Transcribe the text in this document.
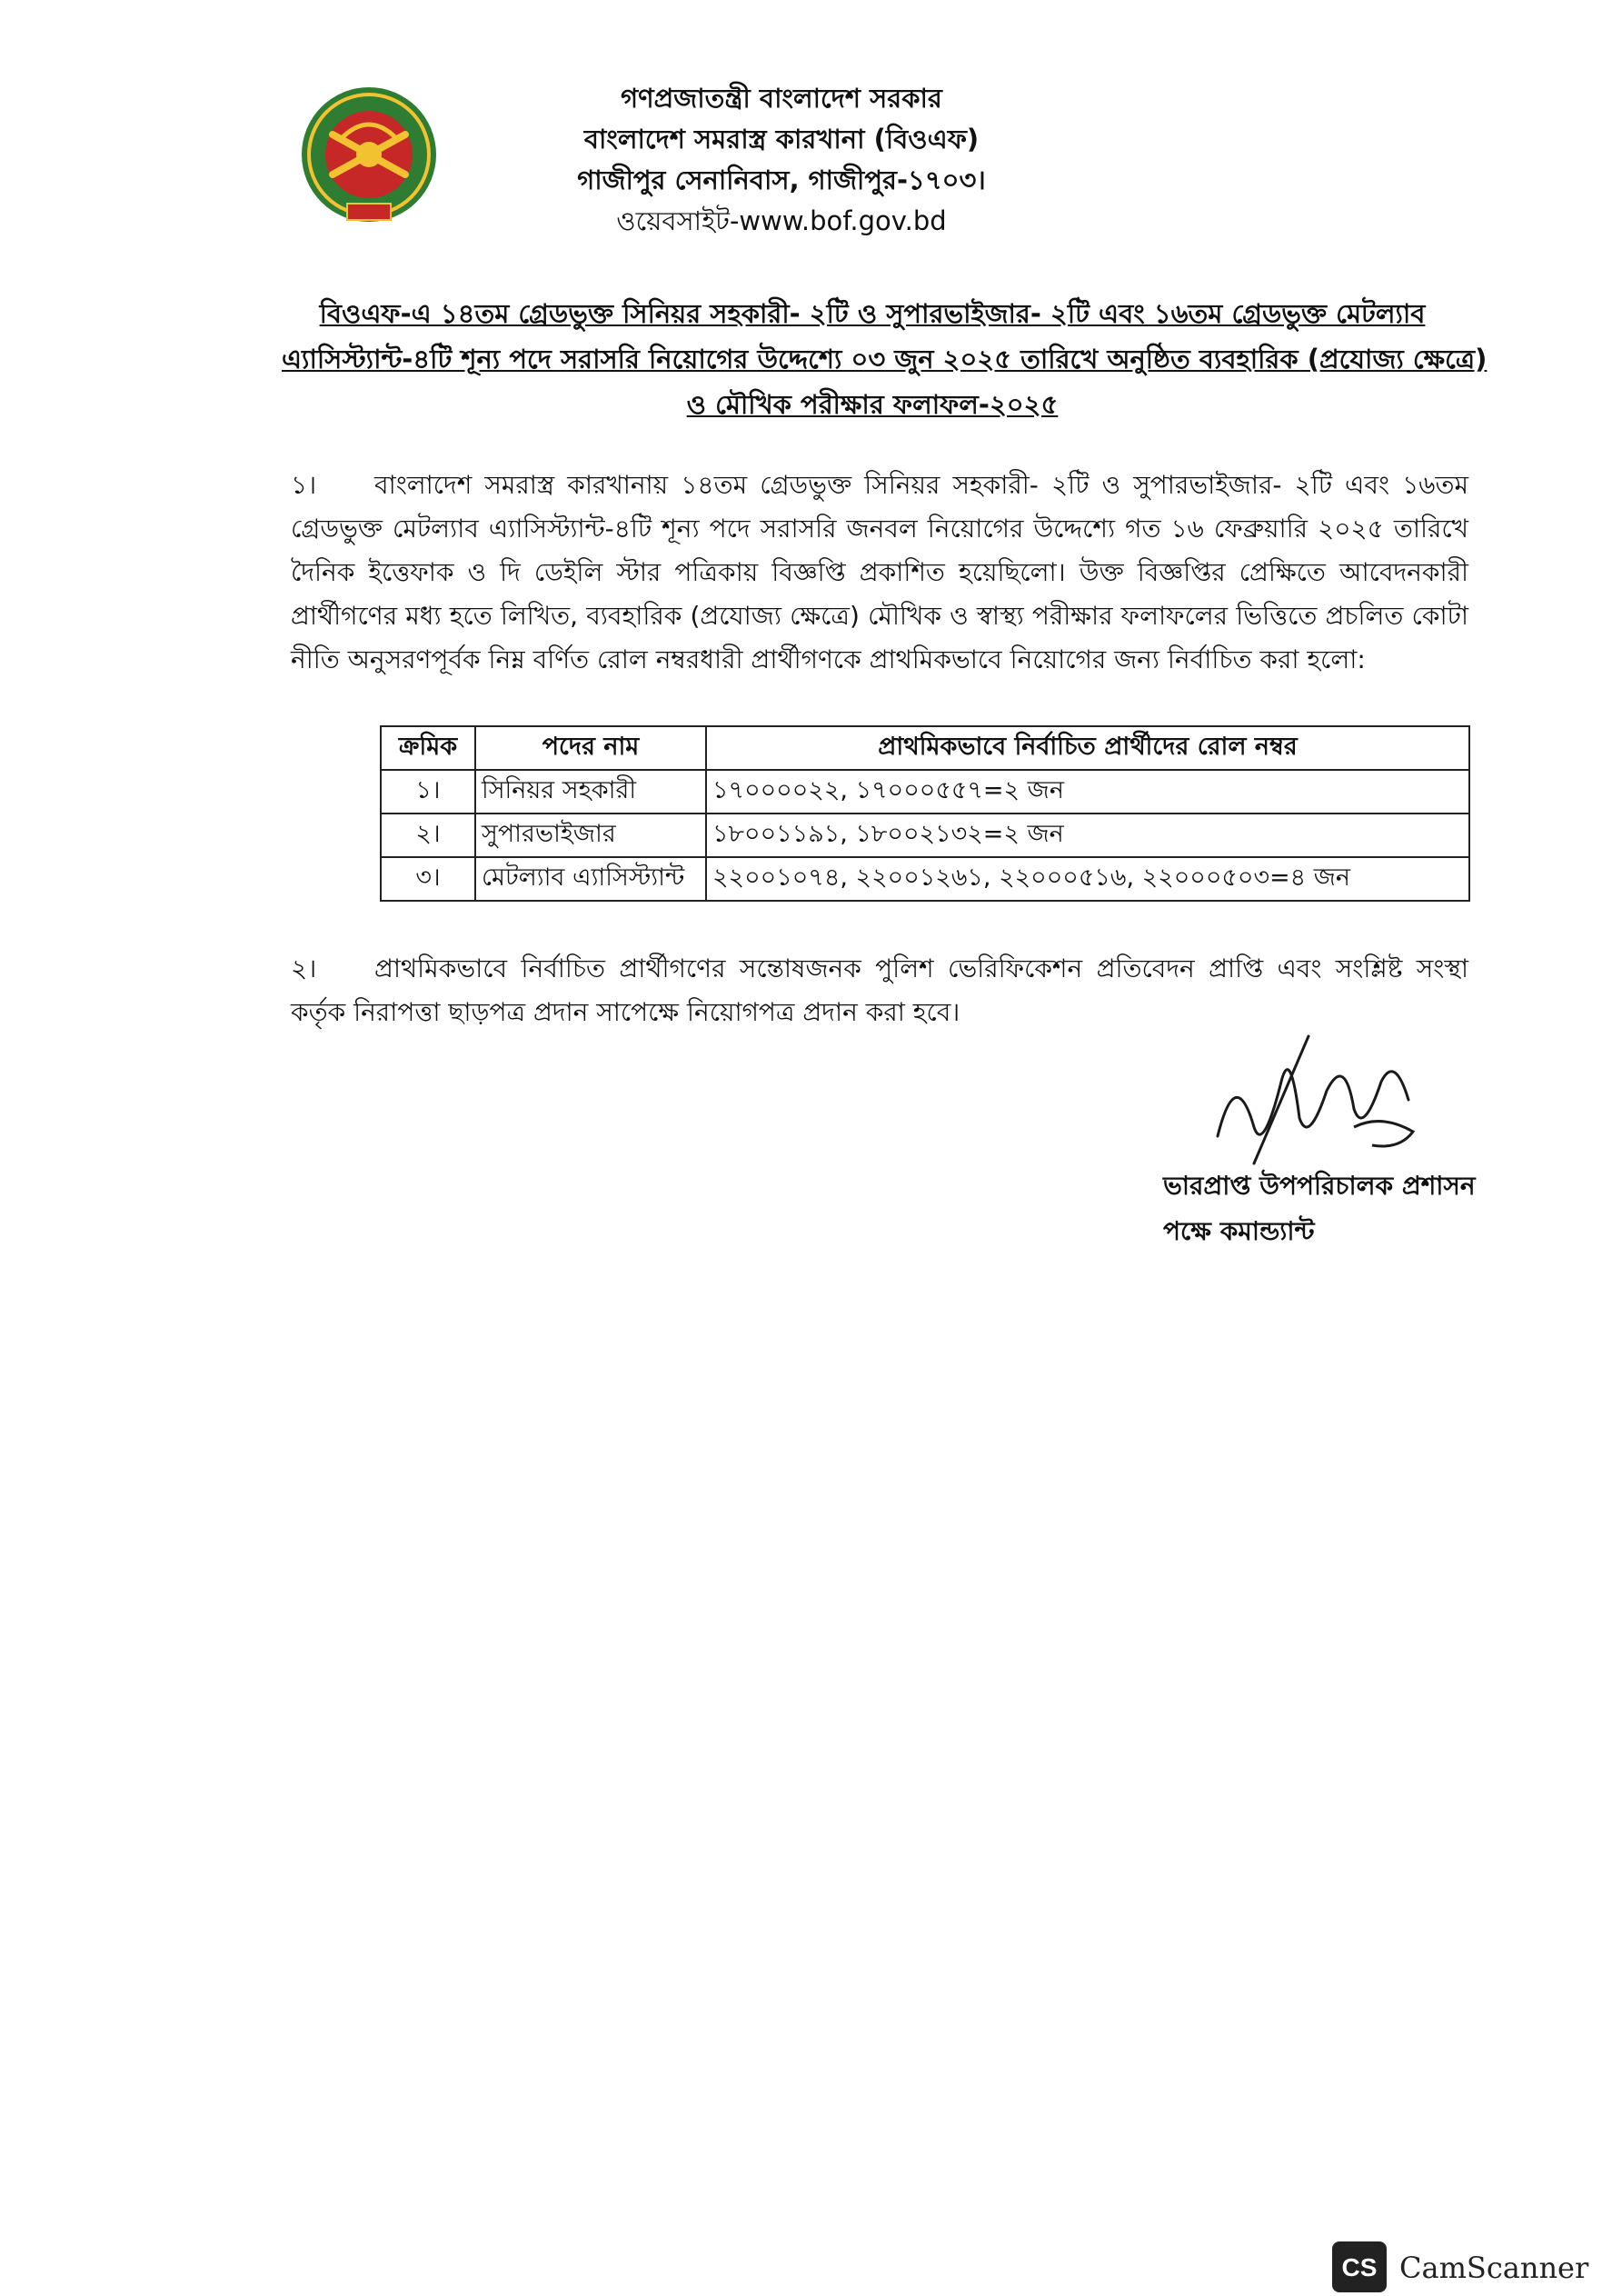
গণপ্রজাতন্ত্রী বাংলাদেশ সরকার
বাংলাদেশ সমরাস্ত্র কারখানা (বিওএফ)
গাজীপুর সেনানিবাস, গাজীপুর-১৭০৩।
ওয়েবসাইট-www.bof.gov.bd
বিওএফ-এ ১৪তম গ্রেডভুক্ত সিনিয়র সহকারী- ২টি ও সুপারভাইজার- ২টি এবং ১৬তম গ্রেডভুক্ত মেটল্যাব
এ্যাসিস্ট্যান্ট-৪টি শূন্য পদে সরাসরি নিয়োগের উদ্দেশ্যে ০৩ জুন ২০২৫ তারিখে অনুষ্ঠিত ব্যবহারিক (প্রযোজ্য ক্ষেত্রে)
ও মৌখিক পরীক্ষার ফলাফল-২০২৫
১। বাংলাদেশ সমরাস্ত্র কারখানায় ১৪তম গ্রেডভুক্ত সিনিয়র সহকারী- ২টি ও সুপারভাইজার- ২টি এবং ১৬তম গ্রেডভুক্ত মেটল্যাব এ্যাসিস্ট্যান্ট-৪টি শূন্য পদে সরাসরি জনবল নিয়োগের উদ্দেশ্যে গত ১৬ ফেব্রুয়ারি ২০২৫ তারিখে দৈনিক ইত্তেফাক ও দি ডেইলি স্টার পত্রিকায় বিজ্ঞপ্তি প্রকাশিত হয়েছিলো। উক্ত বিজ্ঞপ্তির প্রেক্ষিতে আবেদনকারী প্রার্থীগণের মধ্য হতে লিখিত, ব্যবহারিক (প্রযোজ্য ক্ষেত্রে) মৌখিক ও স্বাস্থ্য পরীক্ষার ফলাফলের ভিত্তিতে প্রচলিত কোটা নীতি অনুসরণপূর্বক নিম্ন বর্ণিত রোল নম্বরধারী প্রার্থীগণকে প্রাথমিকভাবে নিয়োগের জন্য নির্বাচিত করা হলো:
ক্রমিক	পদের নাম	প্রাথমিকভাবে নির্বাচিত প্রার্থীদের রোল নম্বর
১।	সিনিয়র সহকারী	১৭০০০০২২, ১৭০০০৫৫৭=২ জন
২।	সুপারভাইজার	১৮০০১১৯১, ১৮০০২১৩২=২ জন
৩।	মেটল্যাব এ্যাসিস্ট্যান্ট	২২০০১০৭৪, ২২০০১২৬১, ২২০০০৫১৬, ২২০০০৫০৩=৪ জন
২। প্রাথমিকভাবে নির্বাচিত প্রার্থীগণের সন্তোষজনক পুলিশ ভেরিফিকেশন প্রতিবেদন প্রাপ্তি এবং সংশ্লিষ্ট সংস্থা কর্তৃক নিরাপত্তা ছাড়পত্র প্রদান সাপেক্ষে নিয়োগপত্র প্রদান করা হবে।
ভারপ্রাপ্ত উপপরিচালক প্রশাসন
পক্ষে কমান্ড্যান্ট
CS CamScanner
